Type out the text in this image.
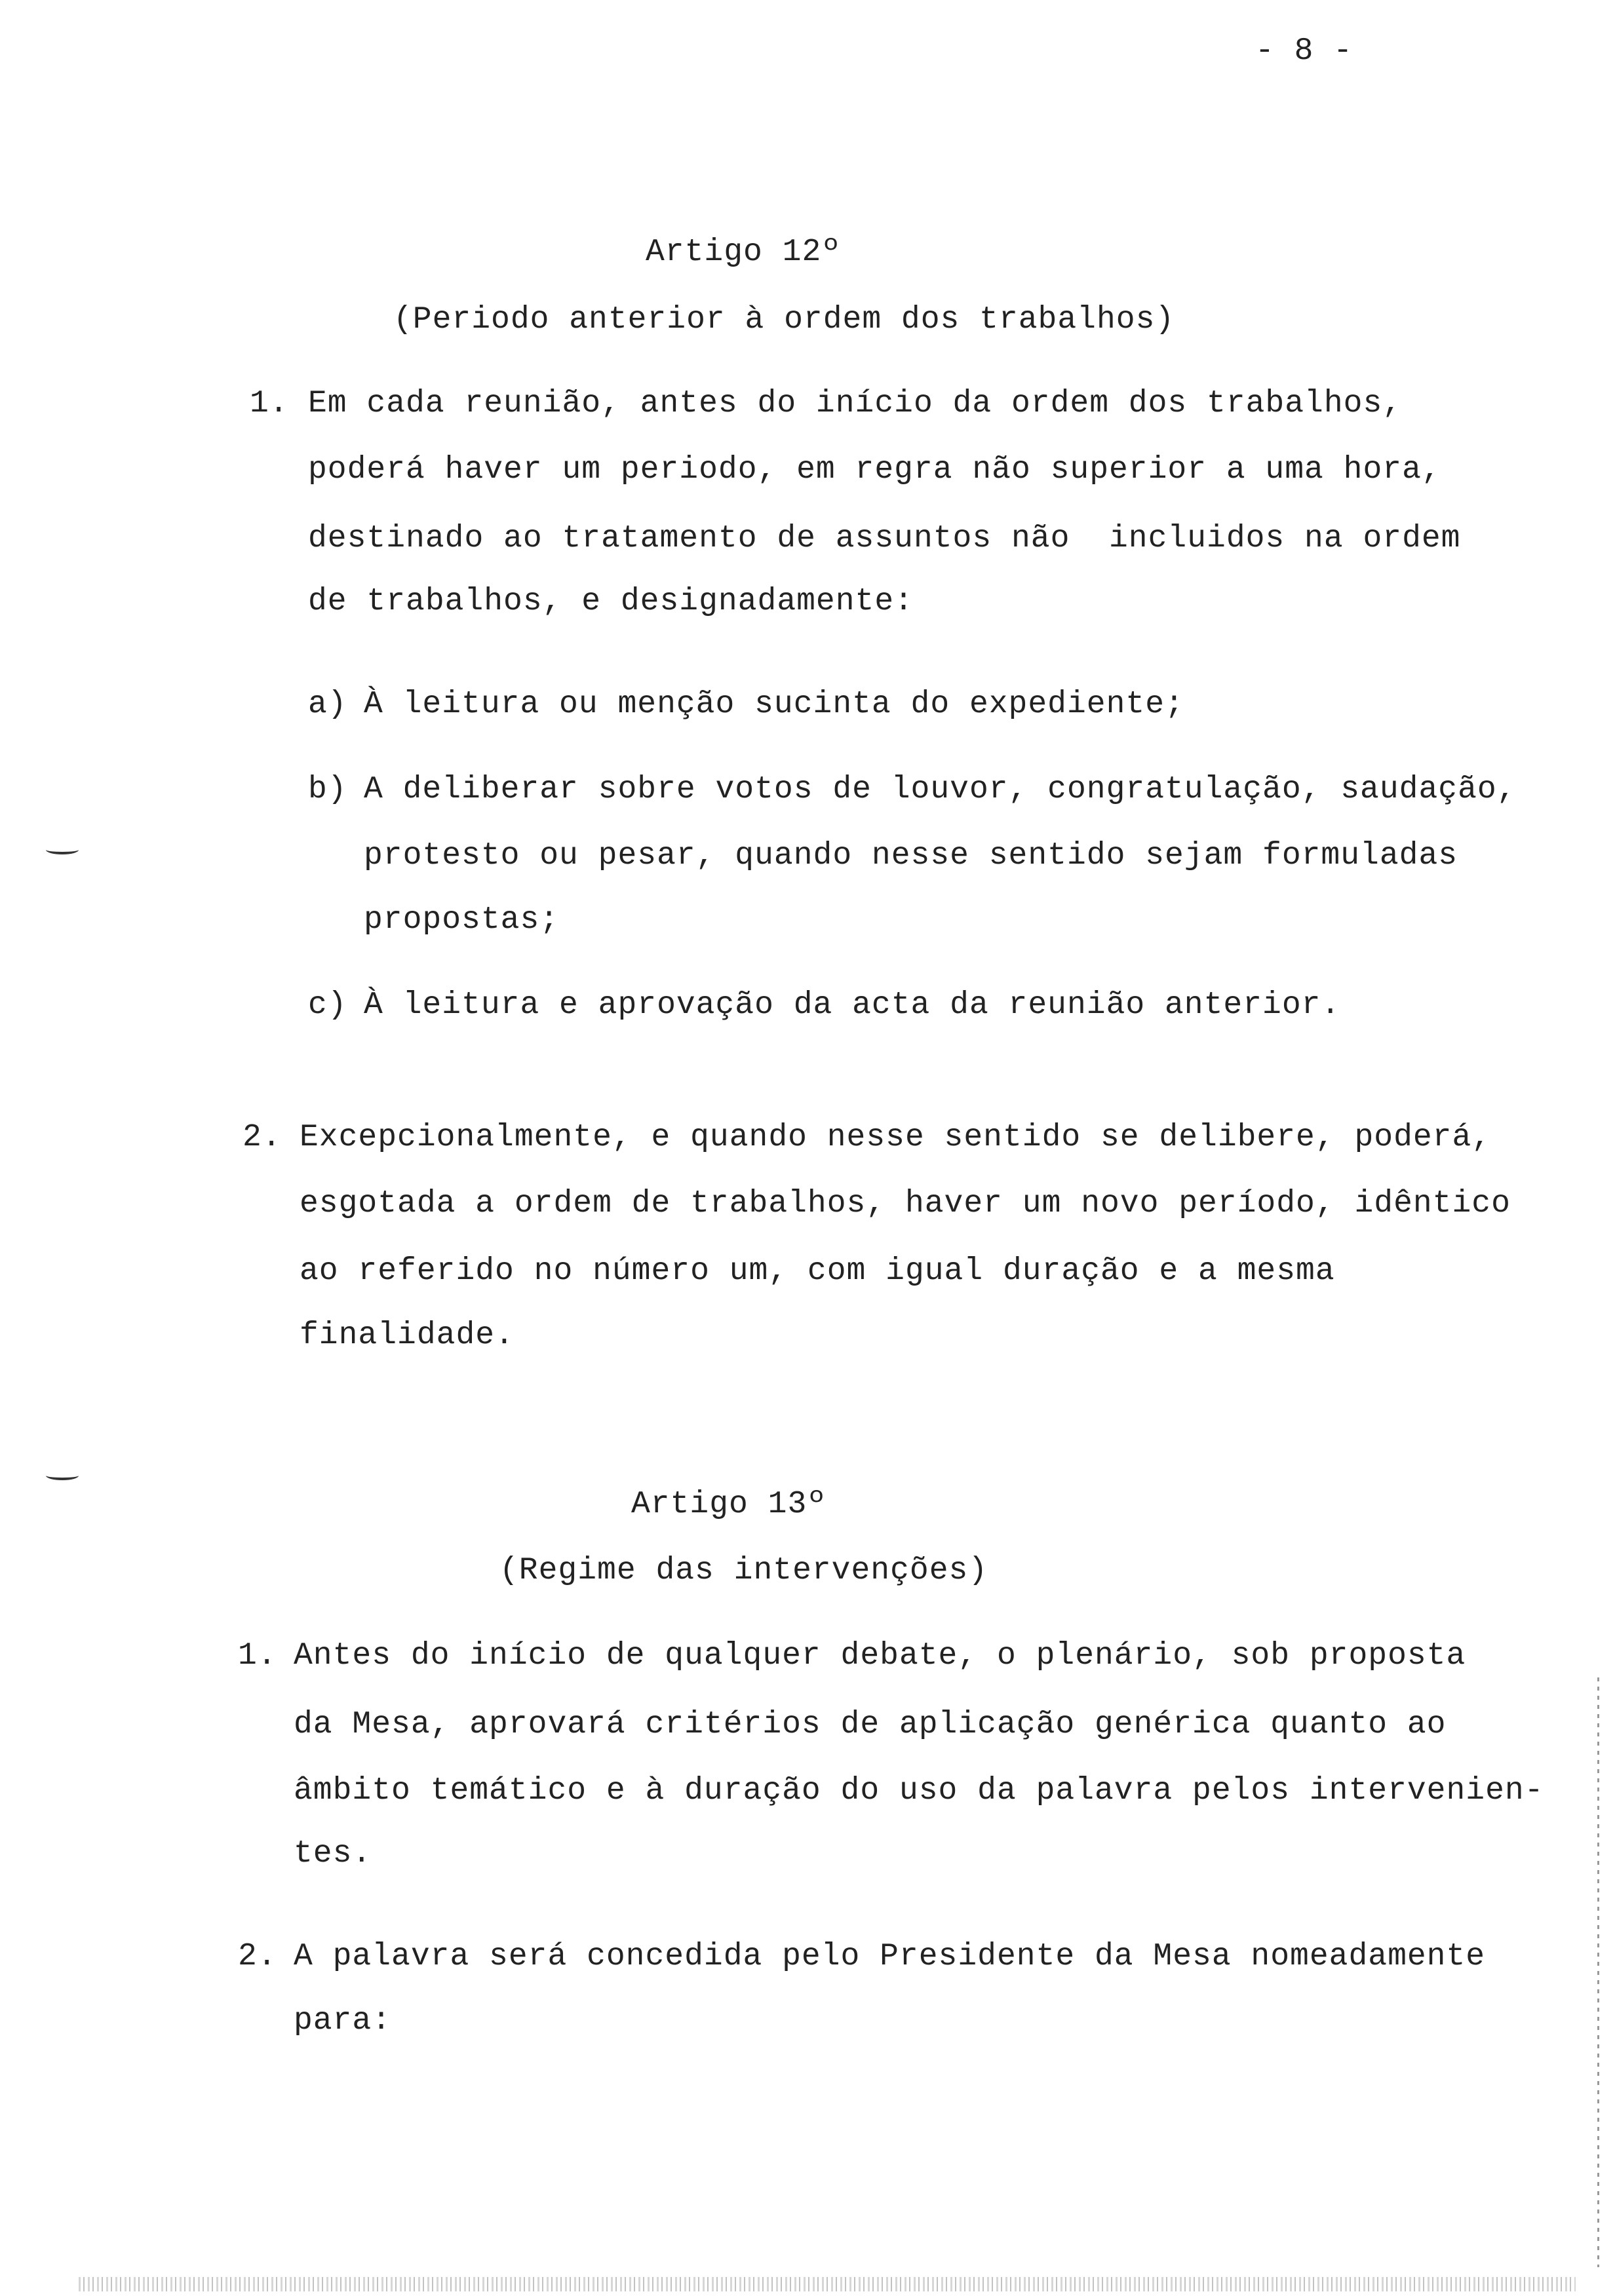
- 8 -
Artigo 12º
(Periodo anterior à ordem dos trabalhos)
1. Em cada reunião, antes do início da ordem dos trabalhos,
poderá haver um periodo, em regra não superior a uma hora,
destinado ao tratamento de assuntos não  incluidos na ordem
de trabalhos, e designadamente:
a) À leitura ou menção sucinta do expediente;
b) A deliberar sobre votos de louvor, congratulação, saudação,
protesto ou pesar, quando nesse sentido sejam formuladas
propostas;
c) À leitura e aprovação da acta da reunião anterior.
2. Excepcionalmente, e quando nesse sentido se delibere, poderá,
esgotada a ordem de trabalhos, haver um novo período, idêntico
ao referido no número um, com igual duração e a mesma
finalidade.
Artigo 13º
(Regime das intervenções)
1. Antes do início de qualquer debate, o plenário, sob proposta
da Mesa, aprovará critérios de aplicação genérica quanto ao
âmbito temático e à duração do uso da palavra pelos intervenien-
tes.
2. A palavra será concedida pelo Presidente da Mesa nomeadamente
para:
